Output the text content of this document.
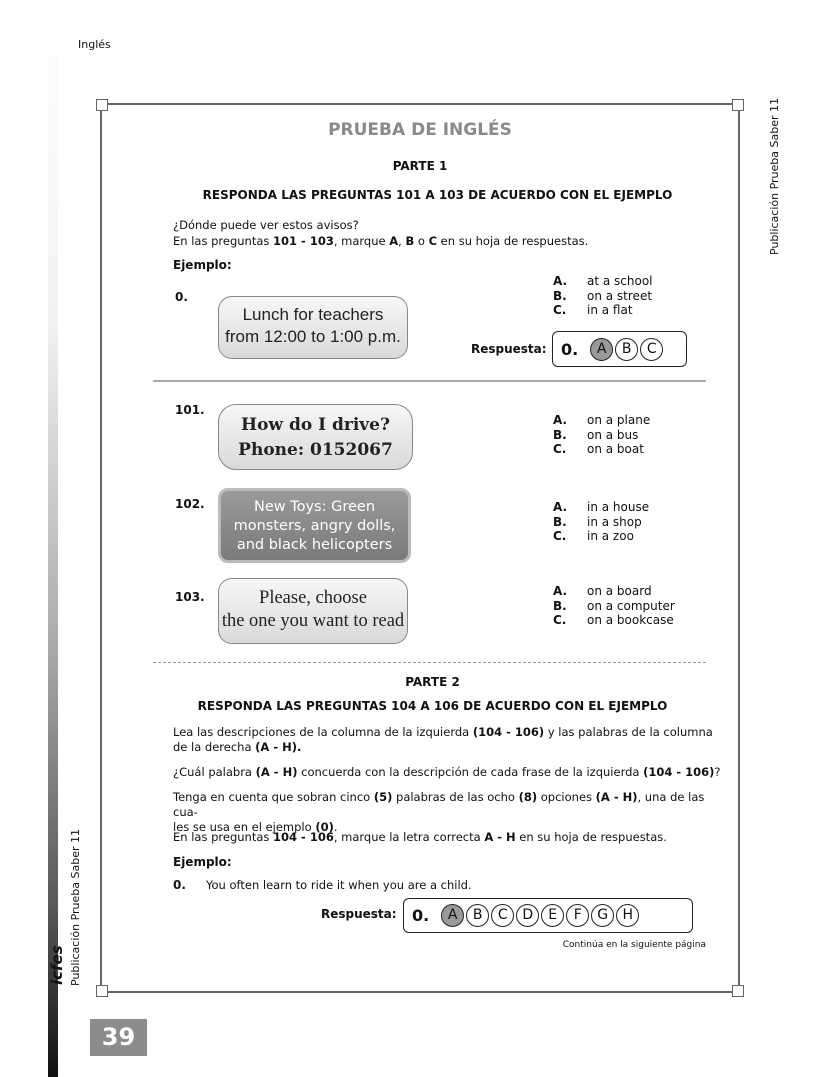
Inglés
Publicación Prueba Saber 11
Publicación Prueba Saber 11
icfes
39
PRUEBA DE INGLÉS
PARTE 1
RESPONDA LAS PREGUNTAS 101 A 103 DE ACUERDO CON EL EJEMPLO
¿Dónde puede ver estos avisos?
En las preguntas 101 - 103, marque A, B o C en su hoja de respuestas.
Ejemplo:
0.
Lunch for teachers
from 12:00 to 1:00 p.m.
A. at a school
B. on a street
C. in a flat
Respuesta: 0.	A	B	C
101.
How do I drive?
Phone: 0152067
A. on a plane
B. on a bus
C. on a boat
102.	New Toys: Green
monsters, angry dolls,
and black helicopters
A. in a house
B. in a shop
C. in a zoo
103.	Please, choose
the one you want to read
A. on a board
B. on a computer
C. on a bookcase
PARTE 2
RESPONDA LAS PREGUNTAS 104 A 106 DE ACUERDO CON EL EJEMPLO
Lea las descripciones de la columna de la izquierda (104 - 106) y las palabras de la columna
de la derecha (A - H).
¿Cuál palabra (A - H) concuerda con la descripción de cada frase de la izquierda (104 - 106)?
Tenga en cuenta que sobran cinco (5) palabras de las ocho (8) opciones (A - H), una de las cua-
les se usa en el ejemplo (0).
En las preguntas 104 - 106, marque la letra correcta A - H en su hoja de respuestas.
Ejemplo:
0. You often learn to ride it when you are a child.
Respuesta: 0.	A	B	C	D	E	F	G	H
Continúa en la siguiente página
